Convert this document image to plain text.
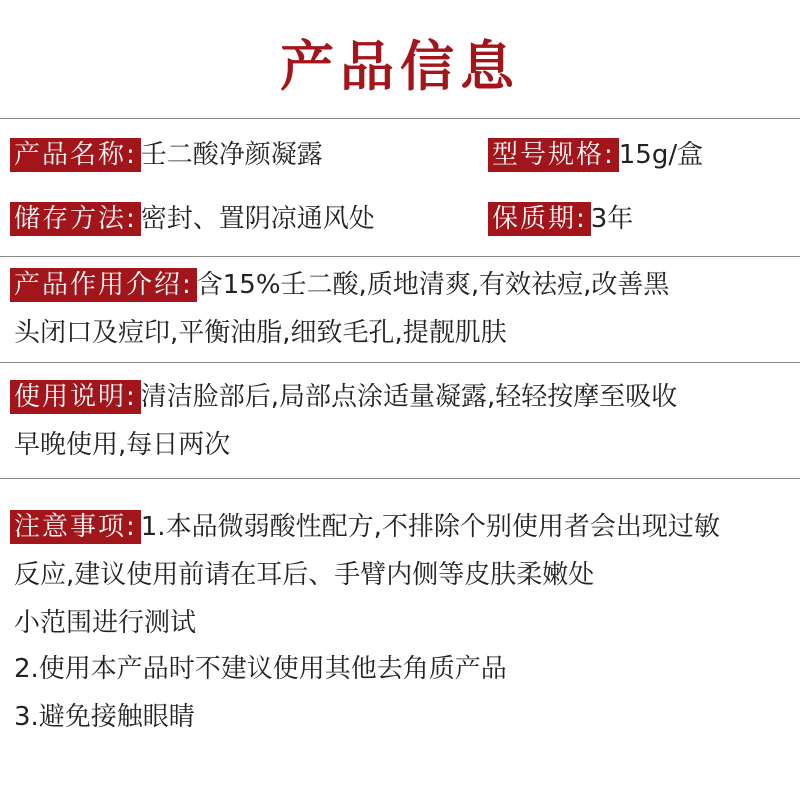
产品信息
产品名称: 壬二酸净颜凝露	型号规格: 15g/盒
储存方法: 密封、置阴凉通风处	保质期: 3年
产品作用介绍: 含15%壬二酸,质地清爽,有效祛痘,改善黑
头闭口及痘印,平衡油脂,细致毛孔,提靓肌肤
使用说明: 清洁脸部后,局部点涂适量凝露,轻轻按摩至吸收
早晚使用,每日两次
注意事项: 1.本品微弱酸性配方,不排除个别使用者会出现过敏
反应,建议使用前请在耳后、手臂内侧等皮肤柔嫩处
小范围进行测试
2.使用本产品时不建议使用其他去角质产品
3.避免接触眼睛
